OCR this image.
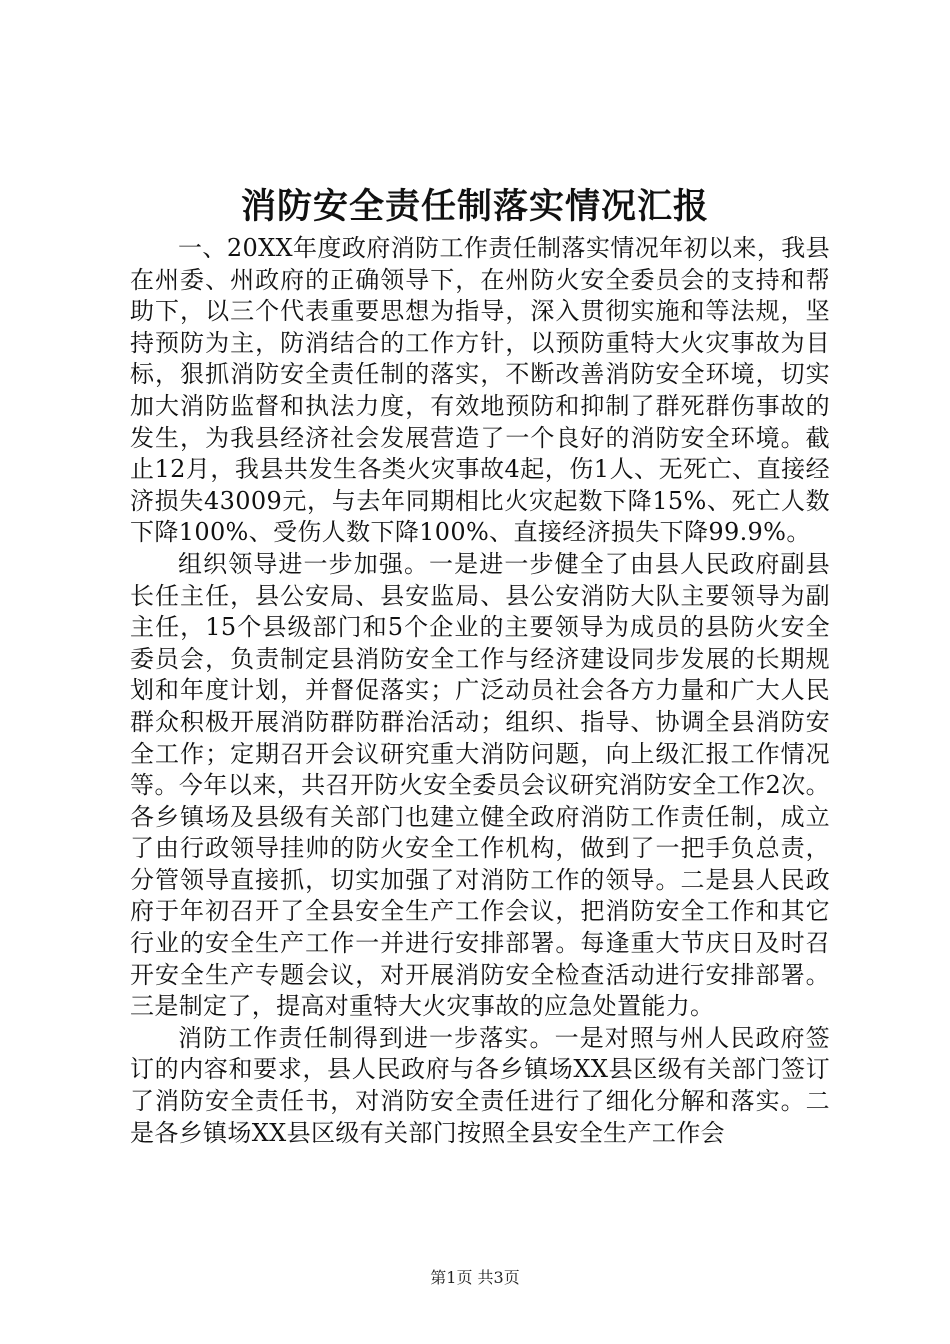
消防安全责任制落实情况汇报

一、20XX年度政府消防工作责任制落实情况年初以来，我县在州委、州政府的正确领导下，在州防火安全委员会的支持和帮助下，以三个代表重要思想为指导，深入贯彻实施和等法规，坚持预防为主，防消结合的工作方针，以预防重特大火灾事故为目标，狠抓消防安全责任制的落实，不断改善消防安全环境，切实加大消防监督和执法力度，有效地预防和抑制了群死群伤事故的发生，为我县经济社会发展营造了一个良好的消防安全环境。截止12月，我县共发生各类火灾事故4起，伤1人、无死亡、直接经济损失43009元，与去年同期相比火灾起数下降15%、死亡人数下降100%、受伤人数下降100%、直接经济损失下降99.9%。

组织领导进一步加强。一是进一步健全了由县人民政府副县长任主任，县公安局、县安监局、县公安消防大队主要领导为副主任，15个县级部门和5个企业的主要领导为成员的县防火安全委员会，负责制定县消防安全工作与经济建设同步发展的长期规划和年度计划，并督促落实；广泛动员社会各方力量和广大人民群众积极开展消防群防群治活动；组织、指导、协调全县消防安全工作；定期召开会议研究重大消防问题，向上级汇报工作情况等。今年以来，共召开防火安全委员会议研究消防安全工作2次。各乡镇场及县级有关部门也建立健全政府消防工作责任制，成立了由行政领导挂帅的防火安全工作机构，做到了一把手负总责，分管领导直接抓，切实加强了对消防工作的领导。二是县人民政府于年初召开了全县安全生产工作会议，把消防安全工作和其它行业的安全生产工作一并进行安排部署。每逢重大节庆日及时召开安全生产专题会议，对开展消防安全检查活动进行安排部署。三是制定了，提高对重特大火灾事故的应急处置能力。

消防工作责任制得到进一步落实。一是对照与州人民政府签订的内容和要求，县人民政府与各乡镇场XX县区级有关部门签订了消防安全责任书，对消防安全责任进行了细化分解和落实。二是各乡镇场XX县区级有关部门按照全县安全生产工作会

第1页 共3页
